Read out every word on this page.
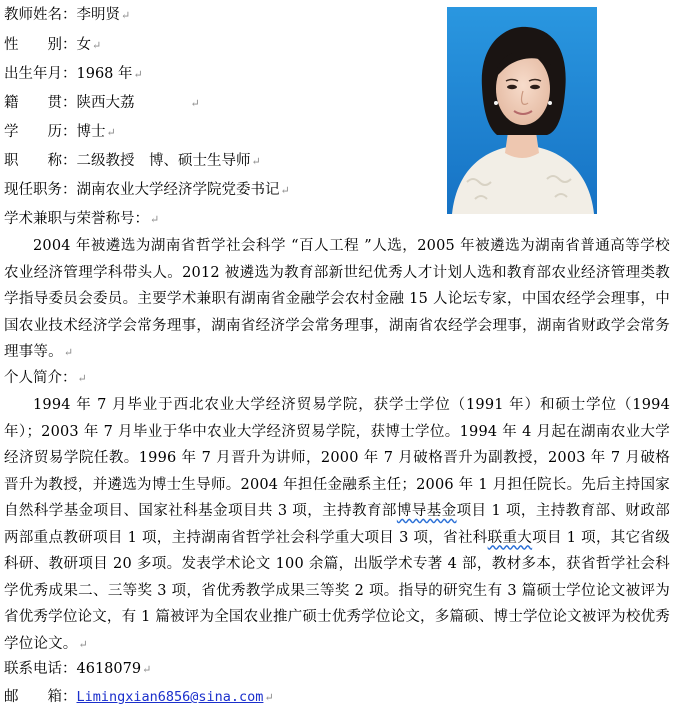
教师姓名：李明贤↵
性　　别：女↵
出生年月：1968 年↵
籍　　贯：陕西大荔	↵
学　　历：博士↵
职　　称：二级教授　博、硕士生导师↵
现任职务：湖南农业大学经济学院党委书记↵
学术兼职与荣誉称号：↵
2004 年被遴选为湖南省哲学社会科学 “百人工程 ”人选，2005 年被遴选为湖南省普通高等学校农业经济管理学科带头人。2012 被遴选为教育部新世纪优秀人才计划人选和教育部农业经济管理类教学指导委员会委员。主要学术兼职有湖南省金融学会农村金融 15 人论坛专家，中国农经学会理事，中国农业技术经济学会常务理事，湖南省经济学会常务理事，湖南省农经学会理事，湖南省财政学会常务理事等。↵
个人简介：↵
1994 年 7 月毕业于西北农业大学经济贸易学院，获学士学位（1991 年）和硕士学位（1994 年）；2003 年 7 月毕业于华中农业大学经济贸易学院，获博士学位。1994 年 4 月起在湖南农业大学经济贸易学院任教。1996 年 7 月晋升为讲师，2000 年 7 月破格晋升为副教授，2003 年 7 月破格晋升为教授，并遴选为博士生导师。2004 年担任金融系主任；2006 年 1 月担任院长。先后主持国家自然科学基金项目、国家社科基金项目共 3 项，主持教育部博导基金项目 1 项，主持教育部、财政部两部重点教研项目 1 项，主持湖南省哲学社会科学重大项目 3 项，省社科联重大项目 1 项，其它省级科研、教研项目 20 多项。发表学术论文 100 余篇，出版学术专著 4 部，教材多本，获省哲学社会科学优秀成果二、三等奖 3 项，省优秀教学成果三等奖 2 项。指导的研究生有 3 篇硕士学位论文被评为省优秀学位论文，有 1 篇被评为全国农业推广硕士优秀学位论文，多篇硕、博士学位论文被评为校优秀学位论文。↵
联系电话：4618079↵
邮　　箱：Limingxian6856@sina.com↵
